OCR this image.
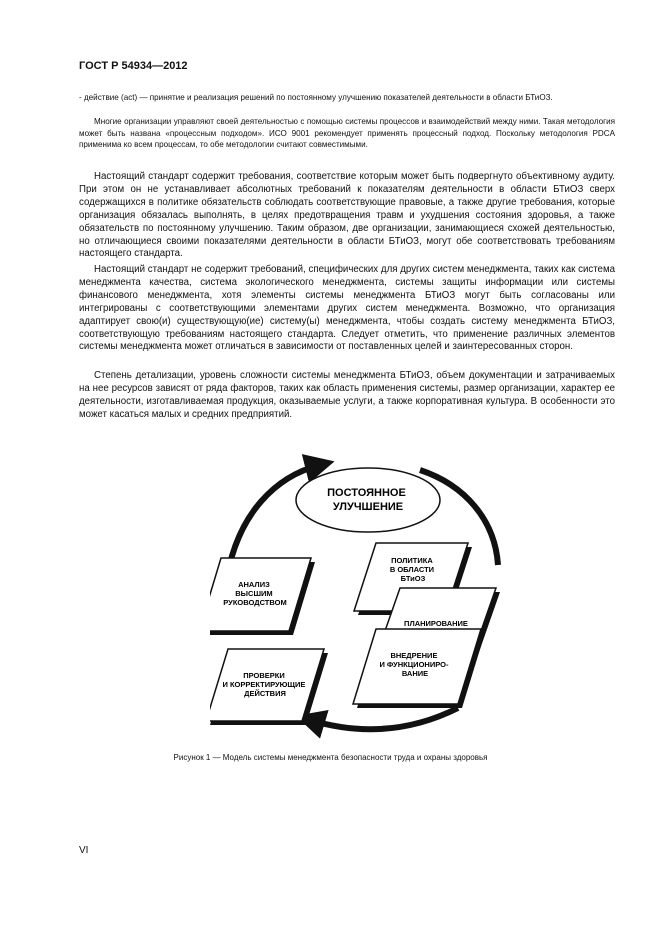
ГОСТ Р 54934—2012

- действие (act) — принятие и реализация решений по постоянному улучшению показателей деятельности в области БТиОЗ.

Многие организации управляют своей деятельностью с помощью системы процессов и взаимодействий между ними. Такая методология может быть названа «процессным подходом». ИСО 9001 рекомендует применять процессный подход. Поскольку методология PDCA применима ко всем процессам, то обе методологии считают совместимыми.

Настоящий стандарт содержит требования, соответствие которым может быть подвергнуто объективному аудиту. При этом он не устанавливает абсолютных требований к показателям деятельности в области БТиОЗ сверх содержащихся в политике обязательств соблюдать соответствующие правовые, а также другие требования, которые организация обязалась выполнять, в целях предотвращения травм и ухудшения состояния здоровья, а также обязательств по постоянному улучшению. Таким образом, две организации, занимающиеся схожей деятельностью, но отличающиеся своими показателями деятельности в области БТиОЗ, могут обе соответствовать требованиям настоящего стандарта.

Настоящий стандарт не содержит требований, специфических для других систем менеджмента, таких как система менеджмента качества, система экологического менеджмента, системы защиты информации или системы финансового менеджмента, хотя элементы системы менеджмента БТиОЗ могут быть согласованы или интегрированы с соответствующими элементами других систем менеджмента. Возможно, что организация адаптирует свою(и) существующую(ие) систему(ы) менеджмента, чтобы создать систему менеджмента БТиОЗ, соответствующую требованиям настоящего стандарта. Следует отметить, что применение различных элементов системы менеджмента может отличаться в зависимости от поставленных целей и заинтересованных сторон.

Степень детализации, уровень сложности системы менеджмента БТиОЗ, объем документации и затрачиваемых на нее ресурсов зависят от ряда факторов, таких как область применения системы, размер организации, характер ее деятельности, изготавливаемая продукция, оказываемые услуги, а также корпоративная культура. В особенности это может касаться малых и средних предприятий.

ПОСТОЯННОЕ УЛУЧШЕНИЕ
ПОЛИТИКА В ОБЛАСТИ БТиОЗ
ПЛАНИРОВАНИЕ
ВНЕДРЕНИЕ И ФУНКЦИОНИРО- ВАНИЕ
АНАЛИЗ ВЫСШИМ РУКОВОДСТВОМ
ПРОВЕРКИ И КОРРЕКТИРУЮЩИЕ ДЕЙСТВИЯ

Рисунок 1 — Модель системы менеджмента безопасности труда и охраны здоровья

VI
